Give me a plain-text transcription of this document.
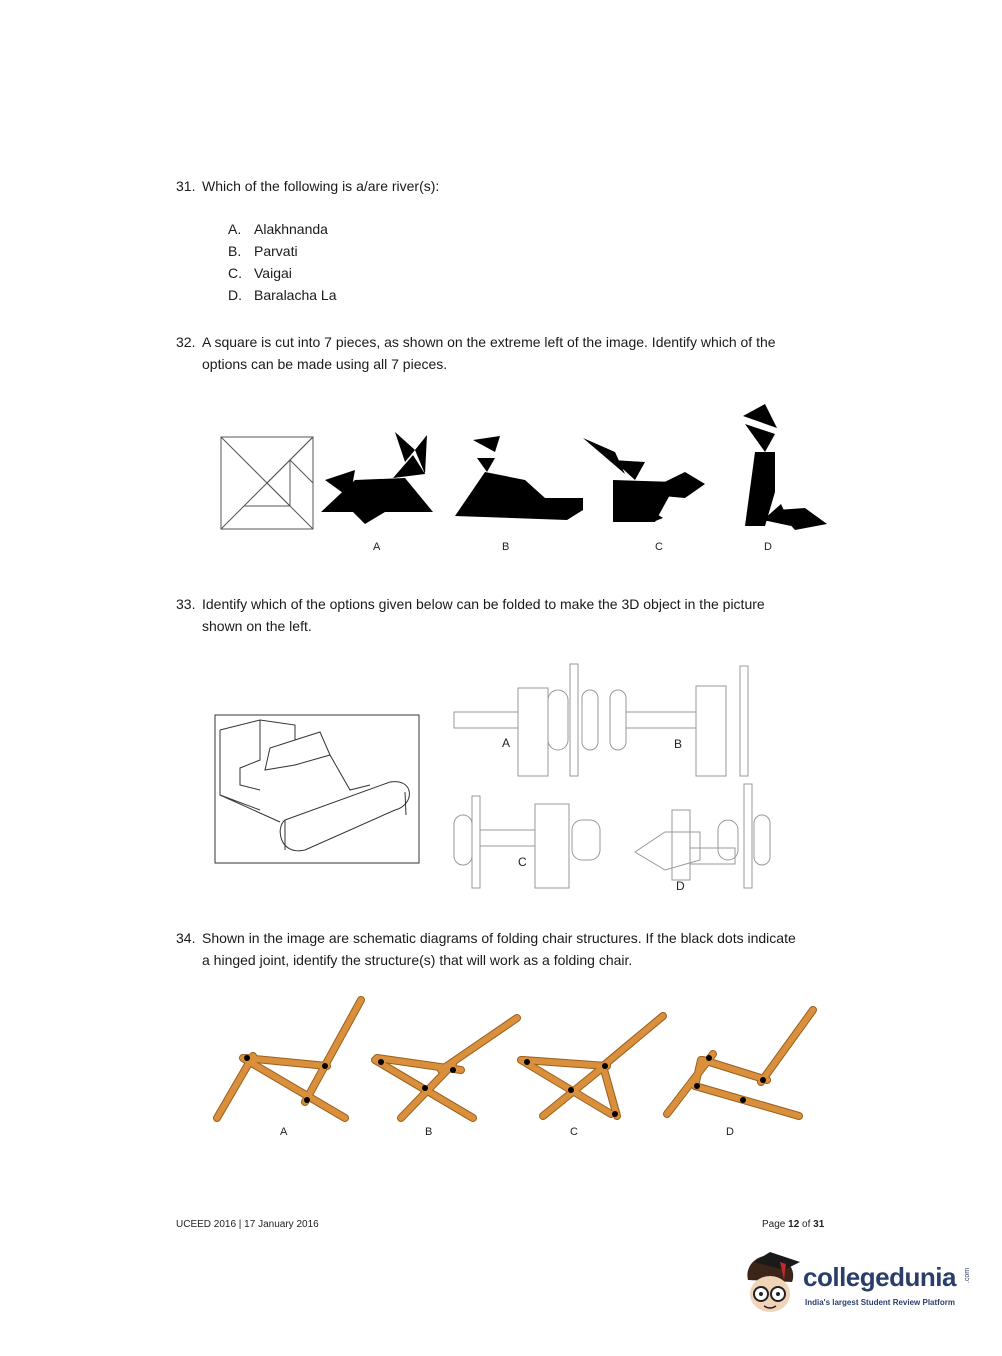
31. Which of the following is a/are river(s):
A. Alakhnanda
B. Parvati
C. Vaigai
D. Baralacha La
32. A square is cut into 7 pieces, as shown on the extreme left of the image. Identify which of the
options can be made using all 7 pieces.
A	B	C	D
33. Identify which of the options given below can be folded to make the 3D object in the picture
shown on the left.
A	B
C
D
34. Shown in the image are schematic diagrams of folding chair structures. If the black dots indicate
a hinged joint, identify the structure(s) that will work as a folding chair.
A	B	C	D
UCEED 2016 | 17 January 2016	Page 12 of 31
collegedunia .com
India's largest Student Review Platform
